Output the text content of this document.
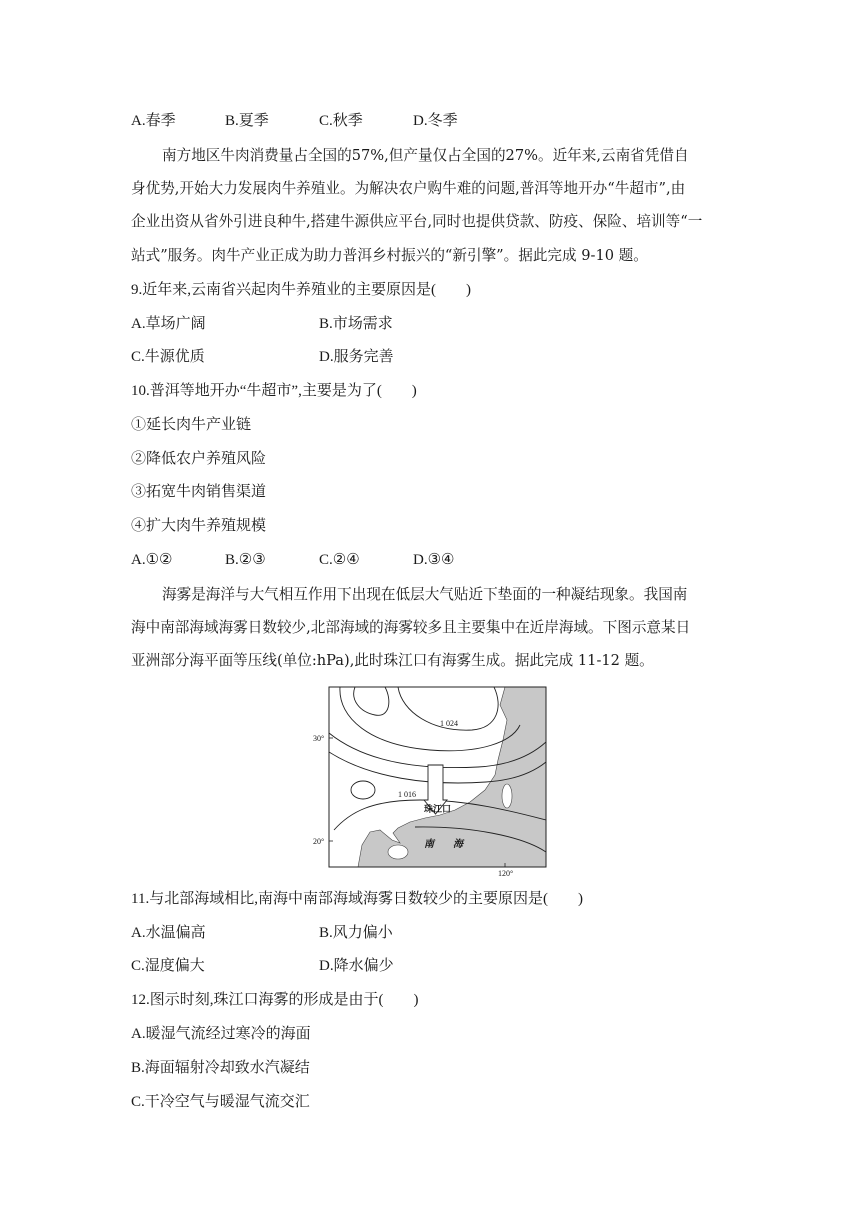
A.春季	B.夏季	C.秋季	D.冬季
南方地区牛肉消费量占全国的57%,但产量仅占全国的27%。近年来,云南省凭借自
身优势,开始大力发展肉牛养殖业。为解决农户购牛难的问题,普洱等地开办“牛超市”,由
企业出资从省外引进良种牛,搭建牛源供应平台,同时也提供贷款、防疫、保险、培训等“一
站式”服务。肉牛产业正成为助力普洱乡村振兴的“新引擎”。据此完成 9-10 题。
9.近年来,云南省兴起肉牛养殖业的主要原因是(        )
A.草场广阔	B.市场需求
C.牛源优质	D.服务完善
10.普洱等地开办“牛超市”,主要是为了(        )
①延长肉牛产业链
②降低农户养殖风险
③拓宽牛肉销售渠道
④扩大肉牛养殖规模
A.①②	B.②③	C.②④	D.③④
海雾是海洋与大气相互作用下出现在低层大气贴近下垫面的一种凝结现象。我国南
海中南部海域海雾日数较少,北部海域的海雾较多且主要集中在近岸海域。下图示意某日
亚洲部分海平面等压线(单位:hPa),此时珠江口有海雾生成。据此完成 11-12 题。
1 024
1 016
珠江口
南 海
30°
20°
120°
11.与北部海域相比,南海中南部海域海雾日数较少的主要原因是(        )
A.水温偏高	B.风力偏小
C.湿度偏大	D.降水偏少
12.图示时刻,珠江口海雾的形成是由于(        )
A.暖湿气流经过寒冷的海面
B.海面辐射冷却致水汽凝结
C.干冷空气与暖湿气流交汇
